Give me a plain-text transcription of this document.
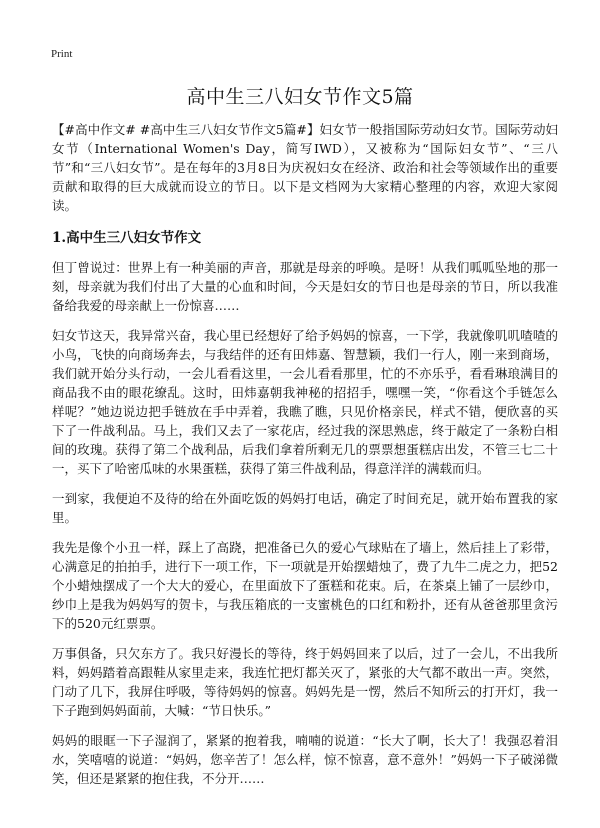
Print
高中生三八妇女节作文5篇

【#高中作文# #高中生三八妇女节作文5篇#】妇女节一般指国际劳动妇女节。国际劳动妇女节（International Women's Day，简写IWD），又被称为“国际妇女节”、“三八节”和“三八妇女节”。是在每年的3月8日为庆祝妇女在经济、政治和社会等领域作出的重要贡献和取得的巨大成就而设立的节日。以下是文档网为大家精心整理的内容，欢迎大家阅读。

1.高中生三八妇女节作文

但丁曾说过：世界上有一种美丽的声音，那就是母亲的呼唤。是呀！从我们呱呱坠地的那一刻，母亲就为我们付出了大量的心血和时间，今天是妇女的节日也是母亲的节日，所以我准备给我爱的母亲献上一份惊喜……

妇女节这天，我异常兴奋，我心里已经想好了给予妈妈的惊喜，一下学，我就像叽叽喳喳的小鸟，飞快的向商场奔去，与我结伴的还有田炜嘉、智慧颖，我们一行人，刚一来到商场，我们就开始分头行动，一会儿看看这里，一会儿看看那里，忙的不亦乐乎，看看琳琅满目的商品我不由的眼花缭乱。这时，田炜嘉朝我神秘的招招手，嘿嘿一笑，“你看这个手链怎么样呢？”她边说边把手链放在手中弄着，我瞧了瞧，只见价格亲民，样式不错，便欣喜的买下了一件战利品。马上，我们又去了一家花店，经过我的深思熟虑，终于敲定了一条粉白相间的玫瑰。获得了第二个战利品，后我们拿着所剩无几的票票想蛋糕店出发，不管三七二十一，买下了哈密瓜味的水果蛋糕，获得了第三件战利品，得意洋洋的满载而归。

一到家，我便迫不及待的给在外面吃饭的妈妈打电话，确定了时间充足，就开始布置我的家里。

我先是像个小丑一样，踩上了高跷，把准备已久的爱心气球贴在了墙上，然后挂上了彩带，心满意足的拍拍手，进行下一项工作，下一项就是开始摆蜡烛了，费了九牛二虎之力，把52个小蜡烛摆成了一个大大的爱心，在里面放下了蛋糕和花束。后，在茶桌上铺了一层纱巾，纱巾上是我为妈妈写的贺卡，与我压箱底的一支蜜桃色的口红和粉扑，还有从爸爸那里贪污下的520元红票票。

万事俱备，只欠东方了。我只好漫长的等待，终于妈妈回来了以后，过了一会儿，不出我所料，妈妈踏着高跟鞋从家里走来，我连忙把灯都关灭了，紧张的大气都不敢出一声。突然，门动了几下，我屏住呼吸，等待妈妈的惊喜。妈妈先是一愣，然后不知所云的打开灯，我一下子跑到妈妈面前，大喊：“节日快乐。”

妈妈的眼眶一下子湿润了，紧紧的抱着我，喃喃的说道：“长大了啊，长大了！我强忍着泪水，笑嘻嘻的说道：“妈妈，您辛苦了！怎么样，惊不惊喜，意不意外！”妈妈一下子破涕微笑，但还是紧紧的抱住我，不分开……
